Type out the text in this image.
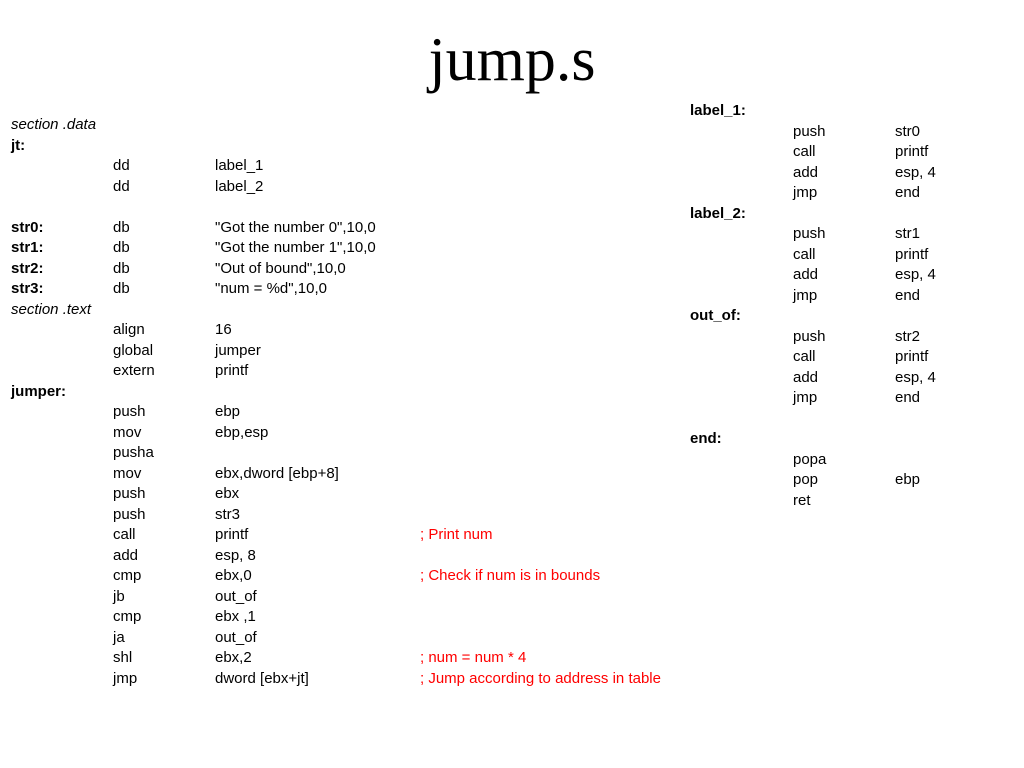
jump.s
section .data
jt:
dd	label_1
dd	label_2
str0:	db	"Got the number 0",10,0
str1:	db	"Got the number 1",10,0
str2:	db	"Out of bound",10,0
str3:	db	"num = %d",10,0
section .text
align	16
global	jumper
extern	printf
jumper:
push	ebp
mov	ebp,esp
pusha
mov	ebx,dword [ebp+8]
push	ebx
push	str3
call	printf	; Print num
add	esp, 8
cmp	ebx,0	; Check if num is in bounds
jb	out_of
cmp	ebx ,1
ja	out_of
shl	ebx,2	; num = num * 4
jmp	dword [ebx+jt]	; Jump according to address in table
label_1:
push	str0
call	printf
add	esp, 4
jmp	end
label_2:
push	str1
call	printf
add	esp, 4
jmp	end
out_of:
push	str2
call	printf
add	esp, 4
jmp	end
end:
popa
pop	ebp
ret
